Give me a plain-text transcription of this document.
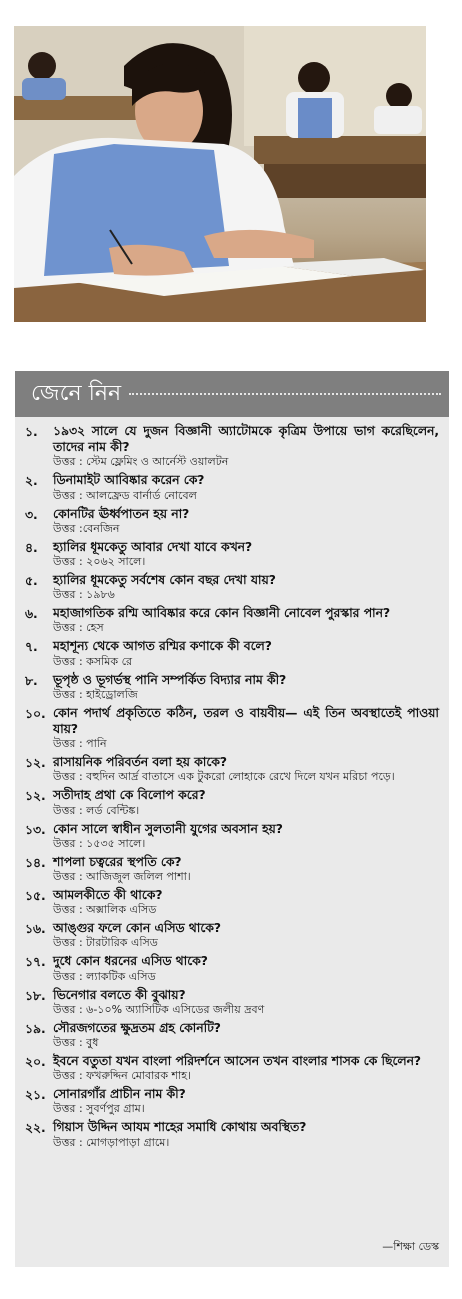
জেনে নিন
১.	১৯৩২ সালে যে দুজন বিজ্ঞানী অ্যাটোমকে কৃত্রিম উপায়ে ভাগ করেছিলেন, তাদের নাম কী?
উত্তর : স্টেম ফ্লেমিং ও আর্নেস্ট ওয়ালটন
২.	ডিনামাইট আবিষ্কার করেন কে?
উত্তর : আলফ্রেড বার্নার্ড নোবেল
৩.	কোনটির ঊর্ধ্বপাতন হয় না?
উত্তর :বেনজিন
৪.	হ্যালির ধূমকেতু আবার দেখা যাবে কখন?
উত্তর : ২০৬২ সালে।
৫.	হ্যালির ধূমকেতু সর্বশেষ কোন বছর দেখা যায়?
উত্তর : ১৯৮৬
৬.	মহাজাগতিক রশ্মি আবিষ্কার করে কোন বিজ্ঞানী নোবেল পুরস্কার পান?
উত্তর : হেস
৭.	মহাশূন্য থেকে আগত রশ্মির কণাকে কী বলে?
উত্তর : কসমিক রে
৮.	ভূপৃষ্ঠ ও ভূগর্ভস্থ পানি সম্পর্কিত বিদ্যার নাম কী?
উত্তর : হাইড্রোলজি
১০. কোন পদার্থ প্রকৃতিতে কঠিন, তরল ও বায়বীয়— এই তিন অবস্থাতেই পাওয়া যায়?
উত্তর : পানি
১২. রাসায়নিক পরিবর্তন বলা হয় কাকে?
উত্তর : বহুদিন আর্দ্র বাতাসে এক টুকরো লোহাকে রেখে দিলে যখন মরিচা পড়ে।
১২. সতীদাহ প্রথা কে বিলোপ করে?
উত্তর : লর্ড বেন্টিঙ্ক।
১৩. কোন সালে স্বাধীন সুলতানী যুগের অবসান হয়?
উত্তর : ১৫৩৫ সালে।
১৪. শাপলা চত্বরের স্থপতি কে?
উত্তর : আজিজুল জলিল পাশা।
১৫. আমলকীতে কী থাকে?
উত্তর : অক্সালিক এসিড
১৬. আঙ্গুর ফলে কোন এসিড থাকে?
উত্তর : টারটারিক এসিড
১৭. দুধে কোন ধরনের এসিড থাকে?
উত্তর : ল্যাকটিক এসিড
১৮. ভিনেগার বলতে কী বুঝায়?
উত্তর : ৬-১০% অ্যাসিটিক এসিডের জলীয় দ্রবণ
১৯. সৌরজগতের ক্ষুদ্রতম গ্রহ কোনটি?
উত্তর : বুধ
২০. ইবনে বতুতা যখন বাংলা পরিদর্শনে আসেন তখন বাংলার শাসক কে ছিলেন?
উত্তর : ফখরুদ্দিন মোবারক শাহ।
২১. সোনারগাঁর প্রাচীন নাম কী?
উত্তর : সুবর্ণপুর গ্রাম।
২২. গিয়াস উদ্দিন আযম শাহের সমাধি কোথায় অবস্থিত?
উত্তর : মোগড়াপাড়া গ্রামে।
—শিক্ষা ডেস্ক
